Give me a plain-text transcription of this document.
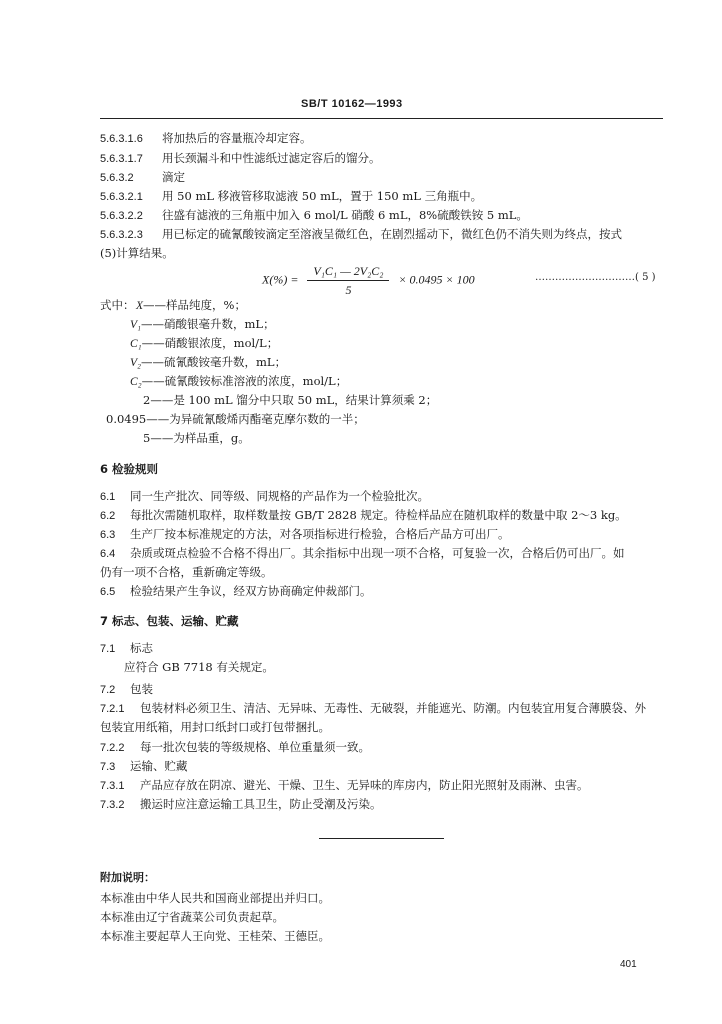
SB/T 10162—1993
5.6.3.1.6 将加热后的容量瓶冷却定容。
5.6.3.1.7 用长颈漏斗和中性滤纸过滤定容后的馏分。
5.6.3.2 滴定
5.6.3.2.1 用 50 mL 移液管移取滤液 50 mL，置于 150 mL 三角瓶中。
5.6.3.2.2 往盛有滤液的三角瓶中加入 6 mol/L 硝酸 6 mL，8%硫酸铁铵 5 mL。
5.6.3.2.3 用已标定的硫氰酸铵滴定至溶液呈微红色，在剧烈摇动下，微红色仍不消失则为终点，按式
(5)计算结果。
$X(\%) = \frac{\text{V₁C₁ — 2V₂C₂}}{5} \times 0.0495 \times 100$	…………………………( 5 )
式中： X——样品纯度，%；
V₁——硝酸银毫升数，mL；
C₁——硝酸银浓度，mol/L；
V₂——硫氰酸铵毫升数，mL；
C₂——硫氰酸铵标准溶液的浓度，mol/L；
2——是 100 mL 馏分中只取 50 mL，结果计算须乘 2；
0.0495——为异硫氰酸烯丙酯毫克摩尔数的一半；
5——为样品重，g。
6 检验规则
6.1 同一生产批次、同等级、同规格的产品作为一个检验批次。
6.2 每批次需随机取样，取样数量按 GB/T 2828 规定。待检样品应在随机取样的数量中取 2～3 kg。
6.3 生产厂按本标准规定的方法，对各项指标进行检验，合格后产品方可出厂。
6.4 杂质或斑点检验不合格不得出厂。其余指标中出现一项不合格，可复验一次，合格后仍可出厂。如
仍有一项不合格，重新确定等级。
6.5 检验结果产生争议，经双方协商确定仲裁部门。
7 标志、包装、运输、贮藏
7.1 标志
应符合 GB 7718 有关规定。
7.2 包装
7.2.1 包装材料必须卫生、清洁、无异味、无毒性、无破裂，并能遮光、防潮。内包装宜用复合薄膜袋、外
包装宜用纸箱，用封口纸封口或打包带捆扎。
7.2.2 每一批次包装的等级规格、单位重量须一致。
7.3 运输、贮藏
7.3.1 产品应存放在阴凉、避光、干燥、卫生、无异味的库房内，防止阳光照射及雨淋、虫害。
7.3.2 搬运时应注意运输工具卫生，防止受潮及污染。
附加说明：
本标准由中华人民共和国商业部提出并归口。
本标准由辽宁省蔬菜公司负责起草。
本标准主要起草人王向党、王桂荣、王德臣。
401
